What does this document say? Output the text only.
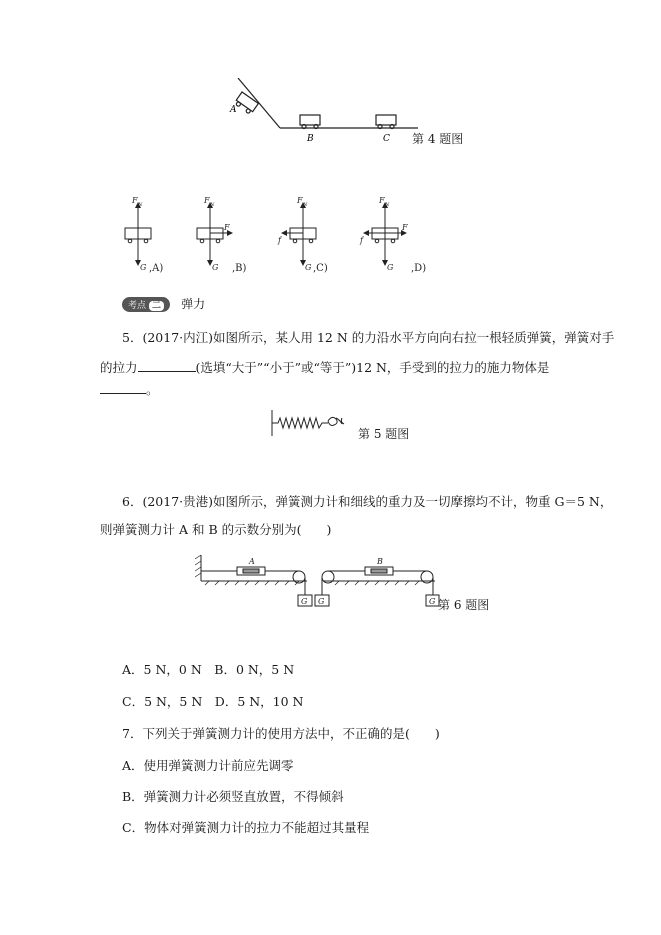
A
B	C 第 4 题图
F N
G
F N
G
F
F N
G
f
F N
G
f
F
,A)	,B)	,C)	,D)
考点 二 弹力
5．(2017·内江)如图所示，某人用 12 N 的力沿水平方向向右拉一根轻质弹簧，弹簧对手
的拉力	(选填“大于”“小于”或“等于”)12 N，手受到的拉力的施力物体是
。
第 5 题图
6．(2017·贵港)如图所示，弹簧测力计和细线的重力及一切摩擦均不计，物重 G＝5 N，
则弹簧测力计 A 和 B 的示数分别为(　　)
A	B
G G	G 第 6 题图
A．5 N，0 N　B．0 N，5 N
C．5 N，5 N　D．5 N，10 N
7．下列关于弹簧测力计的使用方法中，不正确的是(　　)
A．使用弹簧测力计前应先调零
B．弹簧测力计必须竖直放置，不得倾斜
C．物体对弹簧测力计的拉力不能超过其量程
